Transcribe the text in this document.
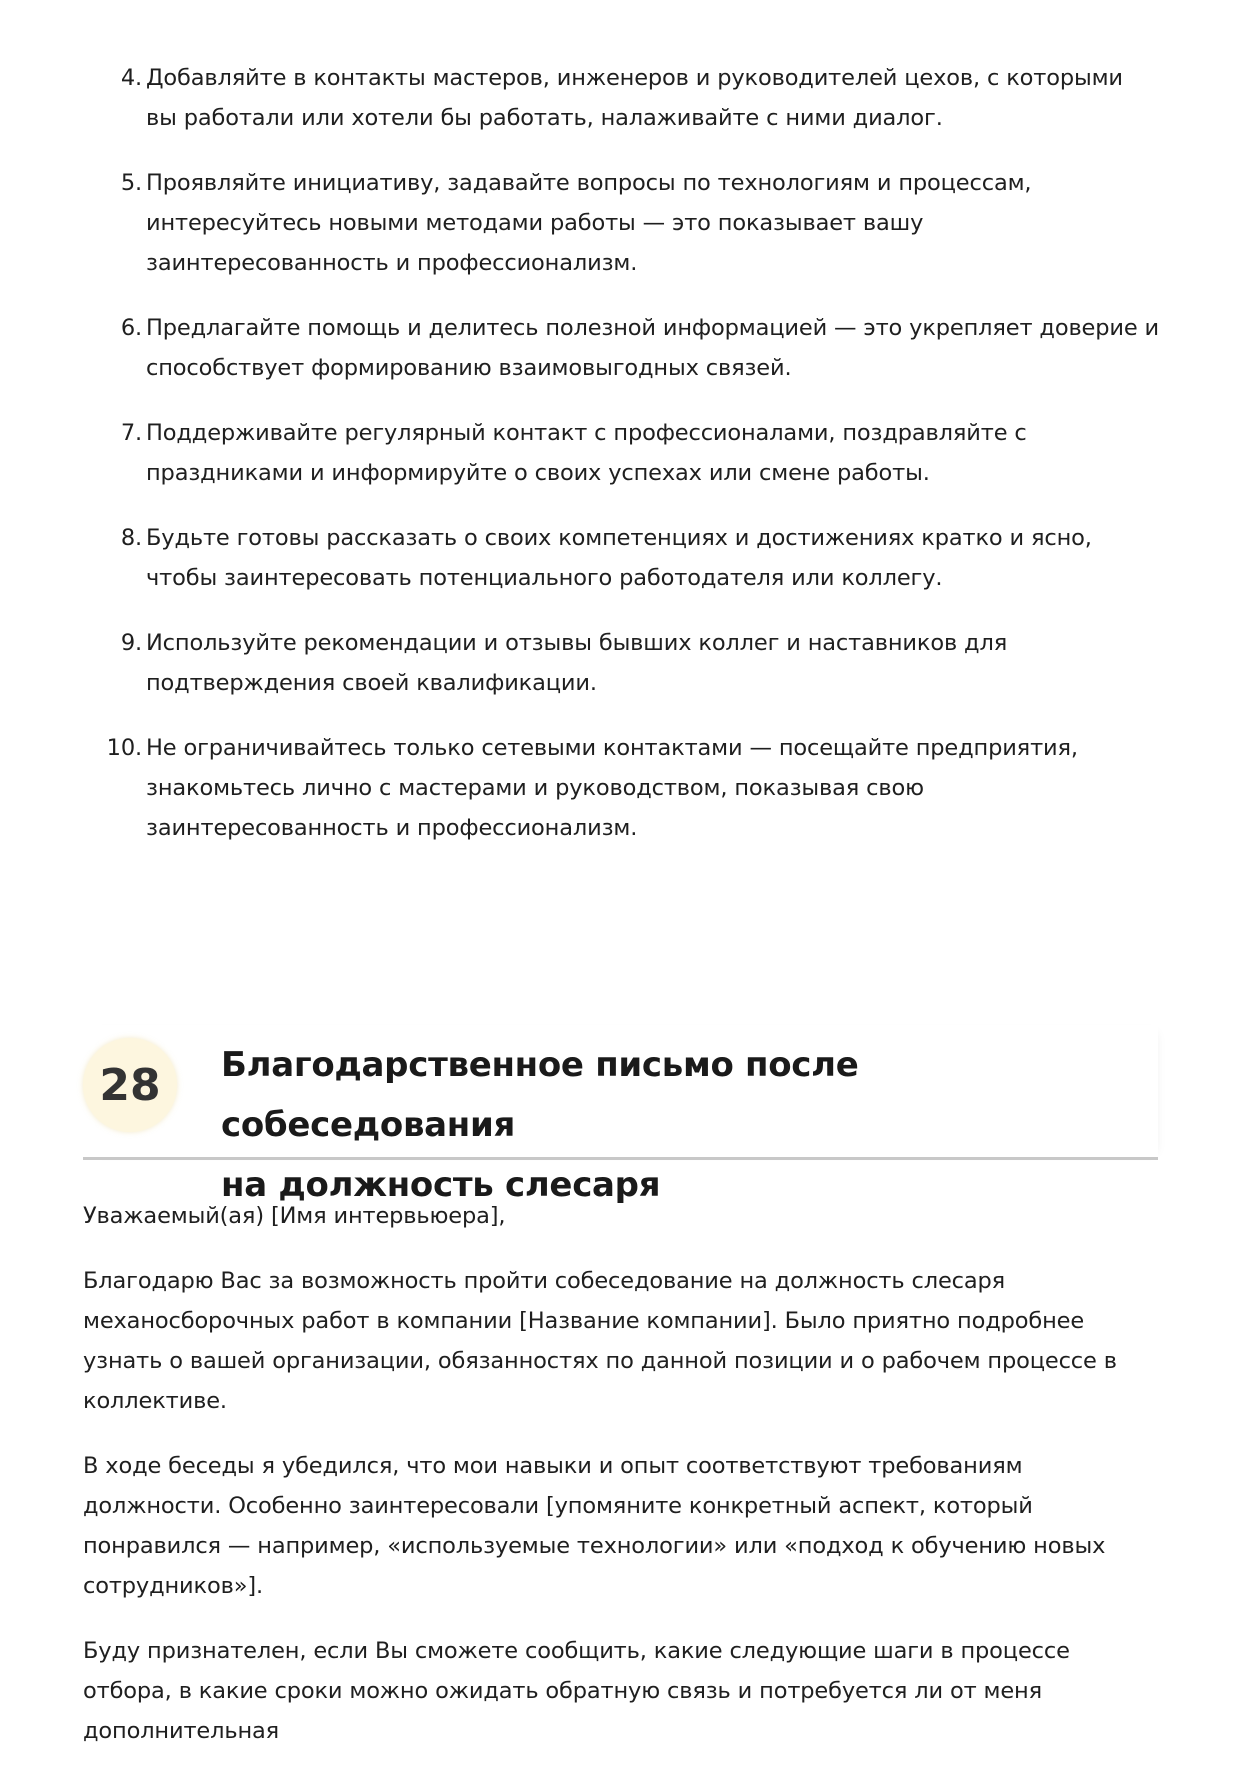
4. Добавляйте в контакты мастеров, инженеров и руководителей цехов, с которыми вы работали или хотели бы работать, налаживайте с ними диалог.
5. Проявляйте инициативу, задавайте вопросы по технологиям и процессам, интересуйтесь новыми методами работы — это показывает вашу заинтересованность и профессионализм.
6. Предлагайте помощь и делитесь полезной информацией — это укрепляет доверие и способствует формированию взаимовыгодных связей.
7. Поддерживайте регулярный контакт с профессионалами, поздравляйте с праздниками и информируйте о своих успехах или смене работы.
8. Будьте готовы рассказать о своих компетенциях и достижениях кратко и ясно, чтобы заинтересовать потенциального работодателя или коллегу.
9. Используйте рекомендации и отзывы бывших коллег и наставников для подтверждения своей квалификации.
10. Не ограничивайтесь только сетевыми контактами — посещайте предприятия, знакомьтесь лично с мастерами и руководством, показывая свою заинтересованность и профессионализм.
28	Благодарственное письмо после собеседования
на должность слесаря

Уважаемый(ая) [Имя интервьюера],

Благодарю Вас за возможность пройти собеседование на должность слесаря механосборочных работ в компании [Название компании]. Было приятно подробнее узнать о вашей организации, обязанностях по данной позиции и о рабочем процессе в коллективе.

В ходе беседы я убедился, что мои навыки и опыт соответствуют требованиям должности. Особенно заинтересовали [упомяните конкретный аспект, который понравился — например, «используемые технологии» или «подход к обучению новых сотрудников»].

Буду признателен, если Вы сможете сообщить, какие следующие шаги в процессе отбора, в какие сроки можно ожидать обратную связь и потребуется ли от меня дополнительная
